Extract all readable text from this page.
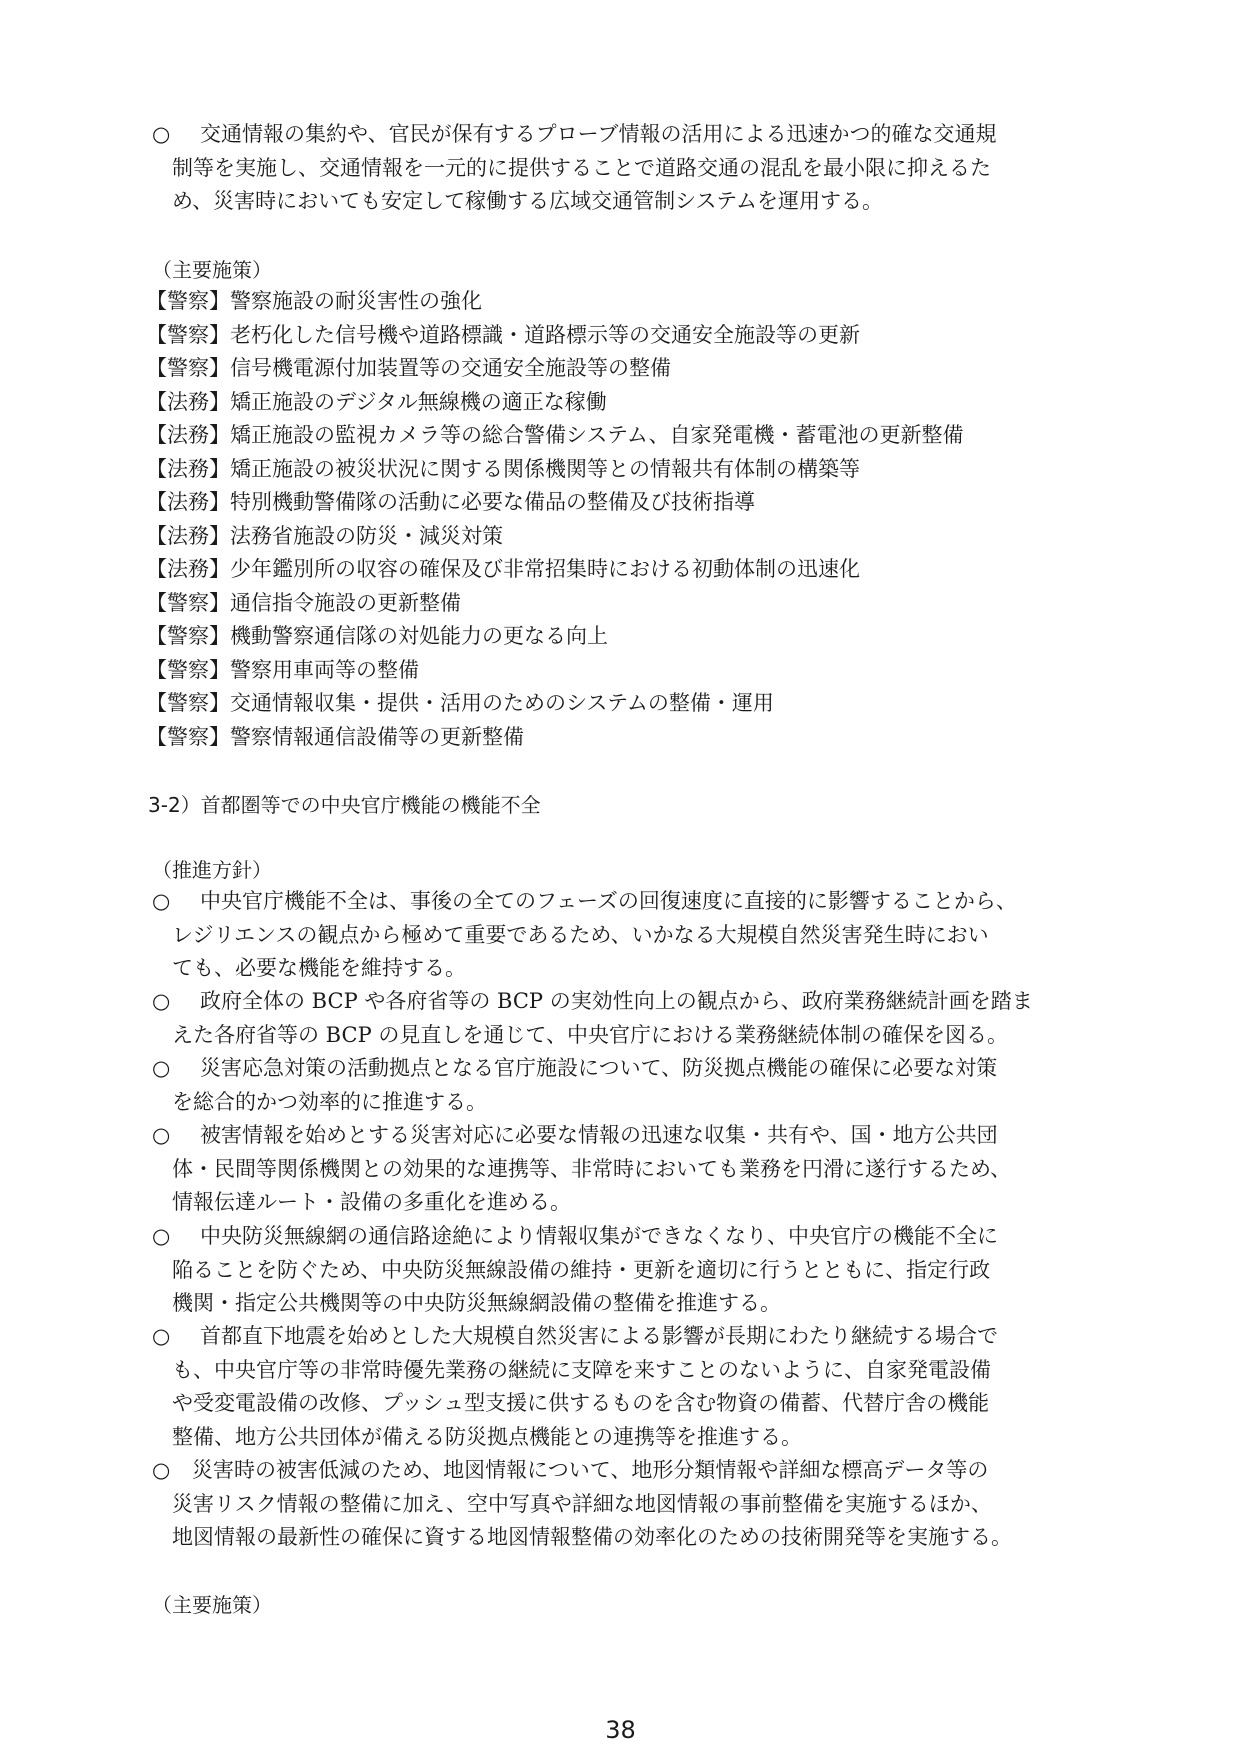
○ 交通情報の集約や、官民が保有するプローブ情報の活用による迅速かつ的確な交通規
制等を実施し、交通情報を一元的に提供することで道路交通の混乱を最小限に抑えるた
め、災害時においても安定して稼働する広域交通管制システムを運用する。
（主要施策）
【警察】警察施設の耐災害性の強化
【警察】老朽化した信号機や道路標識・道路標示等の交通安全施設等の更新
【警察】信号機電源付加装置等の交通安全施設等の整備
【法務】矯正施設のデジタル無線機の適正な稼働
【法務】矯正施設の監視カメラ等の総合警備システム、自家発電機・蓄電池の更新整備
【法務】矯正施設の被災状況に関する関係機関等との情報共有体制の構築等
【法務】特別機動警備隊の活動に必要な備品の整備及び技術指導
【法務】法務省施設の防災・減災対策
【法務】少年鑑別所の収容の確保及び非常招集時における初動体制の迅速化
【警察】通信指令施設の更新整備
【警察】機動警察通信隊の対処能力の更なる向上
【警察】警察用車両等の整備
【警察】交通情報収集・提供・活用のためのシステムの整備・運用
【警察】警察情報通信設備等の更新整備
3-2）首都圏等での中央官庁機能の機能不全
（推進方針）
○ 中央官庁機能不全は、事後の全てのフェーズの回復速度に直接的に影響することから、
レジリエンスの観点から極めて重要であるため、いかなる大規模自然災害発生時におい
ても、必要な機能を維持する。
○ 政府全体の BCP や各府省等の BCP の実効性向上の観点から、政府業務継続計画を踏ま
えた各府省等の BCP の見直しを通じて、中央官庁における業務継続体制の確保を図る。
○ 災害応急対策の活動拠点となる官庁施設について、防災拠点機能の確保に必要な対策
を総合的かつ効率的に推進する。
○ 被害情報を始めとする災害対応に必要な情報の迅速な収集・共有や、国・地方公共団
体・民間等関係機関との効果的な連携等、非常時においても業務を円滑に遂行するため、
情報伝達ルート・設備の多重化を進める。
○ 中央防災無線網の通信路途絶により情報収集ができなくなり、中央官庁の機能不全に
陥ることを防ぐため、中央防災無線設備の維持・更新を適切に行うとともに、指定行政
機関・指定公共機関等の中央防災無線網設備の整備を推進する。
○ 首都直下地震を始めとした大規模自然災害による影響が長期にわたり継続する場合で
も、中央官庁等の非常時優先業務の継続に支障を来すことのないように、自家発電設備
や受変電設備の改修、プッシュ型支援に供するものを含む物資の備蓄、代替庁舎の機能
整備、地方公共団体が備える防災拠点機能との連携等を推進する。
○ 災害時の被害低減のため、地図情報について、地形分類情報や詳細な標高データ等の
災害リスク情報の整備に加え、空中写真や詳細な地図情報の事前整備を実施するほか、
地図情報の最新性の確保に資する地図情報整備の効率化のための技術開発等を実施する。
（主要施策）
38
